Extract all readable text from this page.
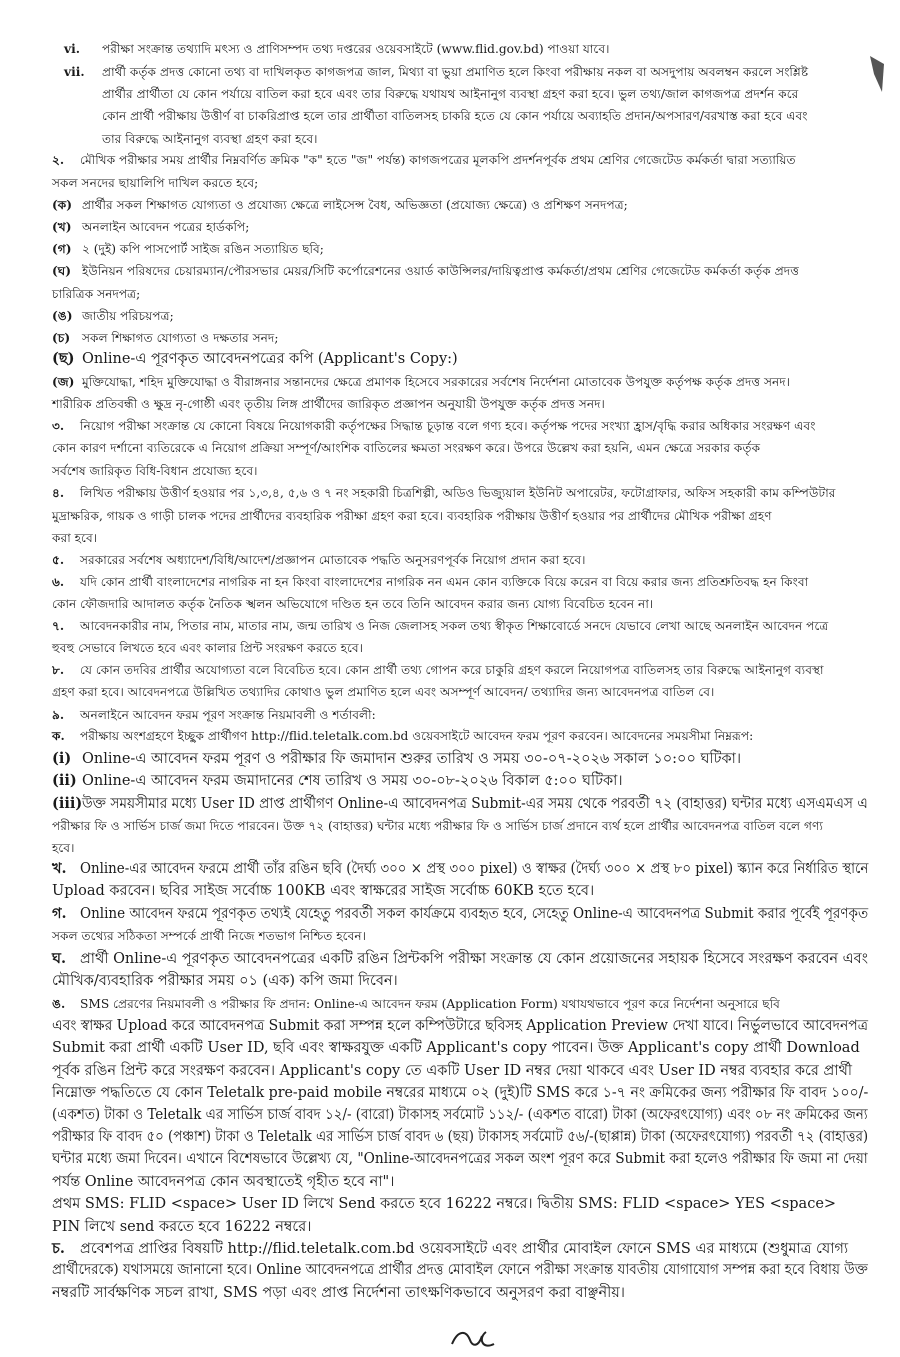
vi. পরীক্ষা সংক্রান্ত তথ্যাদি মৎস্য ও প্রাণিসম্পদ তথ্য দপ্তরের ওয়েবসাইটে (www.flid.gov.bd) পাওয়া যাবে।
vii. প্রার্থী কর্তৃক প্রদত্ত কোনো তথ্য বা দাখিলকৃত কাগজপত্র জাল, মিথ্যা বা ভুয়া প্রমাণিত হলে কিংবা পরীক্ষায় নকল বা অসদুপায় অবলম্বন করলে সংশ্লিষ্ট
প্রার্থীর প্রার্থীতা যে কোন পর্যায়ে বাতিল করা হবে এবং তার বিরুদ্ধে যথাযথ আইনানুগ ব্যবস্থা গ্রহণ করা হবে। ভুল তথ্য/জাল কাগজপত্র প্রদর্শন করে
কোন প্রার্থী পরীক্ষায় উত্তীর্ণ বা চাকরিপ্রাপ্ত হলে তার প্রার্থীতা বাতিলসহ চাকরি হতে যে কোন পর্যায়ে অব্যাহতি প্রদান/অপসারণ/বরখাস্ত করা হবে এবং
তার বিরুদ্ধে আইনানুগ ব্যবস্থা গ্রহণ করা হবে।
২. মৌখিক পরীক্ষার সময় প্রার্থীর নিম্নবর্ণিত ক্রমিক "ক" হতে "জ" পর্যন্ত) কাগজপত্রের মূলকপি প্রদর্শনপূর্বক প্রথম শ্রেণির গেজেটেড কর্মকর্তা দ্বারা সত্যায়িত
সকল সনদের ছায়ালিপি দাখিল করতে হবে;
(ক) প্রার্থীর সকল শিক্ষাগত যোগ্যতা ও প্রযোজ্য ক্ষেত্রে লাইসেন্স বৈধ, অভিজ্ঞতা (প্রযোজ্য ক্ষেত্রে) ও প্রশিক্ষণ সনদপত্র;
(খ) অনলাইন আবেদন পত্রের হার্ডকপি;
(গ) ২ (দুই) কপি পাসপোর্ট সাইজ রঙিন সত্যায়িত ছবি;
(ঘ) ইউনিয়ন পরিষদের চেয়ারম্যান/পৌরসভার মেয়র/সিটি কর্পোরেশনের ওয়ার্ড কাউন্সিলর/দায়িত্বপ্রাপ্ত কর্মকর্তা/প্রথম শ্রেণির গেজেটেড কর্মকর্তা কর্তৃক প্রদত্ত
চারিত্রিক সনদপত্র;
(ঙ) জাতীয় পরিচয়পত্র;
(চ) সকল শিক্ষাগত যোগ্যতা ও দক্ষতার সনদ;
(ছ) Online-এ পূরণকৃত আবেদনপত্রের কপি (Applicant's Copy:)
(জ) মুক্তিযোদ্ধা, শহিদ মুক্তিযোদ্ধা ও বীরাঙ্গনার সন্তানদের ক্ষেত্রে প্রমাণক হিসেবে সরকারের সর্বশেষ নির্দেশনা মোতাবেক উপযুক্ত কর্তৃপক্ষ কর্তৃক প্রদত্ত সনদ।
শারীরিক প্রতিবন্ধী ও ক্ষুদ্র নৃ-গোষ্ঠী এবং তৃতীয় লিঙ্গ প্রার্থীদের জারিকৃত প্রজ্ঞাপন অনুযায়ী উপযুক্ত কর্তৃক প্রদত্ত সনদ।
৩. নিয়োগ পরীক্ষা সংক্রান্ত যে কোনো বিষয়ে নিয়োগকারী কর্তৃপক্ষের সিদ্ধান্ত চূড়ান্ত বলে গণ্য হবে। কর্তৃপক্ষ পদের সংখ্যা হ্রাস/বৃদ্ধি করার অধিকার সংরক্ষণ এবং
কোন কারণ দর্শানো ব্যতিরেকে এ নিয়োগ প্রক্রিয়া সম্পূর্ণ/আংশিক বাতিলের ক্ষমতা সংরক্ষণ করে। উপরে উল্লেখ করা হয়নি, এমন ক্ষেত্রে সরকার কর্তৃক
সর্বশেষ জারিকৃত বিধি-বিধান প্রযোজ্য হবে।
৪. লিখিত পরীক্ষায় উত্তীর্ণ হওয়ার পর ১,৩,৪, ৫,৬ ও ৭ নং সহকারী চিত্রশিল্পী, অডিও ভিজ্যুয়াল ইউনিট অপারেটর, ফটোগ্রাফার, অফিস সহকারী কাম কম্পিউটার
মুদ্রাক্ষরিক, গায়ক ও গাড়ী চালক পদের প্রার্থীদের ব্যবহারিক পরীক্ষা গ্রহণ করা হবে। ব্যবহারিক পরীক্ষায় উত্তীর্ণ হওয়ার পর প্রার্থীদের মৌখিক পরীক্ষা গ্রহণ
করা হবে।
৫. সরকারের সর্বশেষ অধ্যাদেশ/বিধি/আদেশ/প্রজ্ঞাপন মোতাবেক পদ্ধতি অনুসরণপূর্বক নিয়োগ প্রদান করা হবে।
৬. যদি কোন প্রার্থী বাংলাদেশের নাগরিক না হন কিংবা বাংলাদেশের নাগরিক নন এমন কোন ব্যক্তিকে বিয়ে করেন বা বিয়ে করার জন্য প্রতিশ্রুতিবদ্ধ হন কিংবা
কোন ফৌজদারি আদালত কর্তৃক নৈতিক স্খলন অভিযোগে দণ্ডিত হন তবে তিনি আবেদন করার জন্য যোগ্য বিবেচিত হবেন না।
৭. আবেদনকারীর নাম, পিতার নাম, মাতার নাম, জন্ম তারিখ ও নিজ জেলাসহ সকল তথ্য স্বীকৃত শিক্ষাবোর্ডে সনদে যেভাবে লেখা আছে অনলাইন আবেদন পত্রে
হুবহু সেভাবে লিখতে হবে এবং কালার প্রিন্ট সংরক্ষণ করতে হবে।
৮. যে কোন তদবির প্রার্থীর অযোগ্যতা বলে বিবেচিত হবে। কোন প্রার্থী তথ্য গোপন করে চাকুরি গ্রহণ করলে নিয়োগপত্র বাতিলসহ তার বিরুদ্ধে আইনানুগ ব্যবস্থা
গ্রহণ করা হবে। আবেদনপত্রে উল্লিখিত তথ্যাদির কোথাও ভুল প্রমাণিত হলে এবং অসম্পূর্ণ আবেদন/ তথ্যাদির জন্য আবেদনপত্র বাতিল বে।
৯. অনলাইনে আবেদন ফরম পূরণ সংক্রান্ত নিয়মাবলী ও শর্তাবলী:
ক. পরীক্ষায় অংশগ্রহণে ইচ্ছুক প্রার্থীগণ http://flid.teletalk.com.bd ওয়েবসাইটে আবেদন ফরম পূরণ করবেন। আবেদনের সময়সীমা নিম্নরূপ:
(i) Online-এ আবেদন ফরম পূরণ ও পরীক্ষার ফি জমাদান শুরুর তারিখ ও সময় ৩০-০৭-২০২৬ সকাল ১০:০০ ঘটিকা।
(ii) Online-এ আবেদন ফরম জমাদানের শেষ তারিখ ও সময় ৩০-০৮-২০২৬ বিকাল ৫:০০ ঘটিকা।
(iii) উক্ত সময়সীমার মধ্যে User ID প্রাপ্ত প্রার্থীগণ Online-এ আবেদনপত্র Submit-এর সময় থেকে পরবর্তী ৭২ (বাহাত্তর) ঘন্টার মধ্যে এসএমএস এ
পরীক্ষার ফি ও সার্ভিস চার্জ জমা দিতে পারবেন। উক্ত ৭২ (বাহাত্তর) ঘন্টার মধ্যে পরীক্ষার ফি ও সার্ভিস চার্জ প্রদানে ব্যর্থ হলে প্রার্থীর আবেদনপত্র বাতিল বলে গণ্য
হবে।
খ. Online-এর আবেদন ফরমে প্রার্থী তাঁর রঙিন ছবি (দৈর্ঘ্য ৩০০ × প্রস্থ ৩০০ pixel) ও স্বাক্ষর (দৈর্ঘ্য ৩০০ × প্রস্থ ৮০ pixel) স্ক্যান করে নির্ধারিত স্থানে
Upload করবেন। ছবির সাইজ সর্বোচ্চ 100KB এবং স্বাক্ষরের সাইজ সর্বোচ্চ 60KB হতে হবে।
গ. Online আবেদন ফরমে পূরণকৃত তথ্যই যেহেতু পরবর্তী সকল কার্যক্রমে ব্যবহৃত হবে, সেহেতু Online-এ আবেদনপত্র Submit করার পূর্বেই পূরণকৃত
সকল তথ্যের সঠিকতা সম্পর্কে প্রার্থী নিজে শতভাগ নিশ্চিত হবেন।
ঘ. প্রার্থী Online-এ পূরণকৃত আবেদনপত্রের একটি রঙিন প্রিন্টকপি পরীক্ষা সংক্রান্ত যে কোন প্রয়োজনের সহায়ক হিসেবে সংরক্ষণ করবেন এবং
মৌখিক/ব্যবহারিক পরীক্ষার সময় ০১ (এক) কপি জমা দিবেন।
ঙ. SMS প্রেরণের নিয়মাবলী ও পরীক্ষার ফি প্রদান: Online-এ আবেদন ফরম (Application Form) যথাযথভাবে পূরণ করে নির্দেশনা অনুসারে ছবি
এবং স্বাক্ষর Upload করে আবেদনপত্র Submit করা সম্পন্ন হলে কম্পিউটারে ছবিসহ Application Preview দেখা যাবে। নির্ভুলভাবে আবেদনপত্র
Submit করা প্রার্থী একটি User ID, ছবি এবং স্বাক্ষরযুক্ত একটি Applicant's copy পাবেন। উক্ত Applicant's copy প্রার্থী Download
পূর্বক রঙিন প্রিন্ট করে সংরক্ষণ করবেন। Applicant's copy তে একটি User ID নম্বর দেয়া থাকবে এবং User ID নম্বর ব্যবহার করে প্রার্থী
নিম্নোক্ত পদ্ধতিতে যে কোন Teletalk pre-paid mobile নম্বরের মাধ্যমে ০২ (দুই)টি SMS করে ১-৭ নং ক্রমিকের জন্য পরীক্ষার ফি বাবদ ১০০/-
(একশত) টাকা ও Teletalk এর সার্ভিস চার্জ বাবদ ১২/- (বারো) টাকাসহ সর্বমোট ১১২/- (একশত বারো) টাকা (অফেরৎযোগ্য) এবং ০৮ নং ক্রমিকের জন্য
পরীক্ষার ফি বাবদ ৫০ (পঞ্চাশ) টাকা ও Teletalk এর সার্ভিস চার্জ বাবদ ৬ (ছয়) টাকাসহ সর্বমোট ৫৬/-(ছাপ্পান্ন) টাকা (অফেরৎযোগ্য) পরবর্তী ৭২ (বাহাত্তর)
ঘন্টার মধ্যে জমা দিবেন। এখানে বিশেষভাবে উল্লেখ্য যে, "Online-আবেদনপত্রের সকল অংশ পূরণ করে Submit করা হলেও পরীক্ষার ফি জমা না দেয়া
পর্যন্ত Online আবেদনপত্র কোন অবস্থাতেই গৃহীত হবে না"।
প্রথম SMS: FLID <space> User ID লিখে Send করতে হবে 16222 নম্বরে। দ্বিতীয় SMS: FLID <space> YES <space>
PIN লিখে send করতে হবে 16222 নম্বরে।
চ. প্রবেশপত্র প্রাপ্তির বিষয়টি http://flid.teletalk.com.bd ওয়েবসাইটে এবং প্রার্থীর মোবাইল ফোনে SMS এর মাধ্যমে (শুধুমাত্র যোগ্য
প্রার্থীদেরকে) যথাসময়ে জানানো হবে। Online আবেদনপত্রে প্রার্থীর প্রদত্ত মোবাইল ফোনে পরীক্ষা সংক্রান্ত যাবতীয় যোগাযোগ সম্পন্ন করা হবে বিধায় উক্ত
নম্বরটি সার্বক্ষণিক সচল রাখা, SMS পড়া এবং প্রাপ্ত নির্দেশনা তাৎক্ষণিকভাবে অনুসরণ করা বাঞ্ছনীয়।
